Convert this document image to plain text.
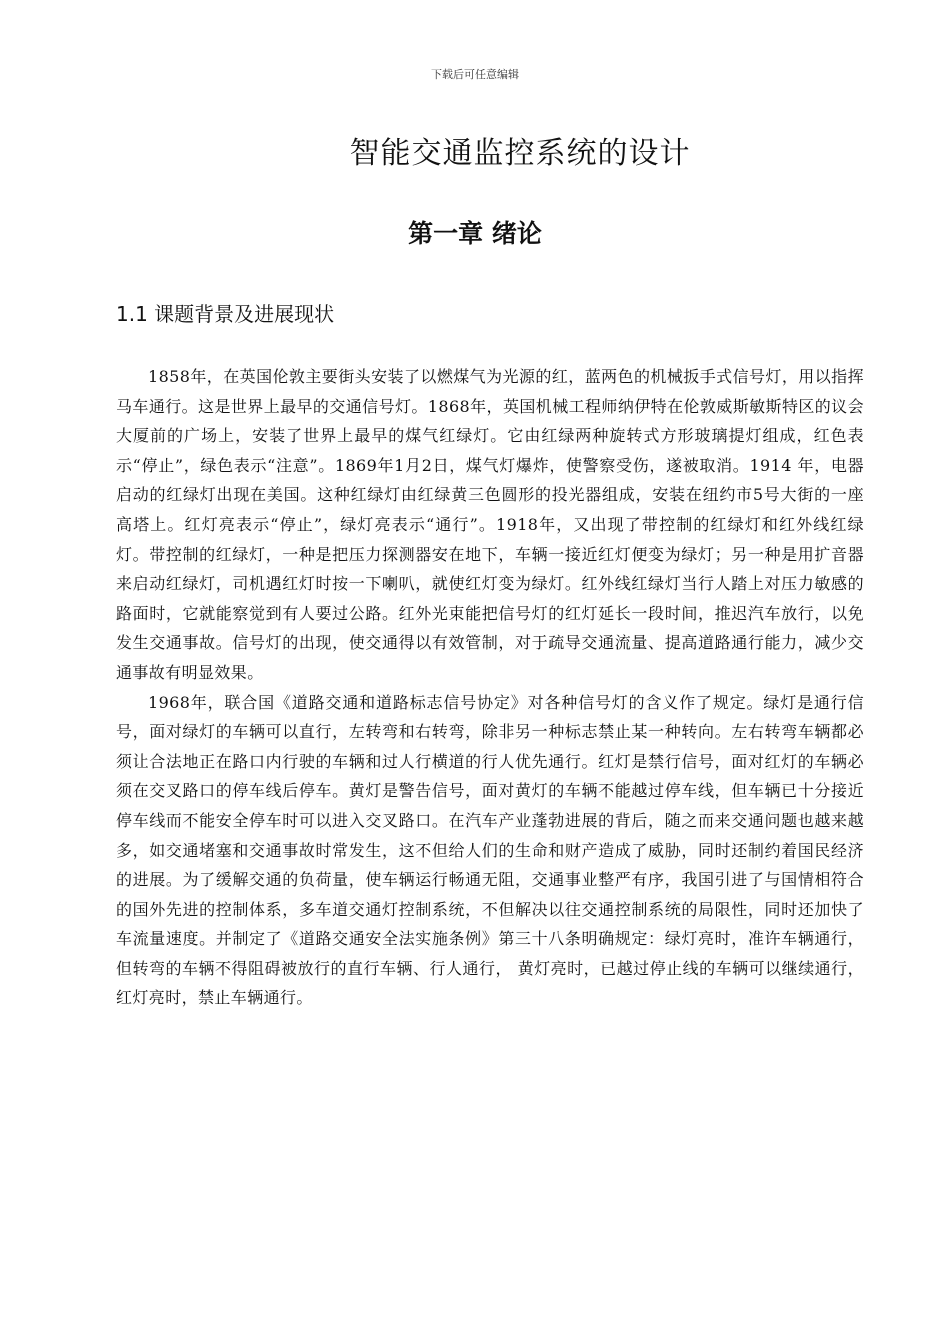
下载后可任意编辑
智能交通监控系统的设计
第一章 绪论
1.1 课题背景及进展现状

1858年，在英国伦敦主要街头安装了以燃煤气为光源的红，蓝两色的机械扳手式信号灯，用以指挥马车通行。这是世界上最早的交通信号灯。1868年，英国机械工程师纳伊特在伦敦威斯敏斯特区的议会大厦前的广场上，安装了世界上最早的煤气红绿灯。它由红绿两种旋转式方形玻璃提灯组成，红色表示“停止”，绿色表示“注意”。1869年1月2日，煤气灯爆炸，使警察受伤，遂被取消。1914 年，电器启动的红绿灯出现在美国。这种红绿灯由红绿黄三色圆形的投光器组成，安装在纽约市5号大街的一座高塔上。红灯亮表示“停止”，绿灯亮表示“通行”。1918年，又出现了带控制的红绿灯和红外线红绿灯。带控制的红绿灯，一种是把压力探测器安在地下，车辆一接近红灯便变为绿灯；另一种是用扩音器来启动红绿灯，司机遇红灯时按一下喇叭，就使红灯变为绿灯。红外线红绿灯当行人踏上对压力敏感的路面时，它就能察觉到有人要过公路。红外光束能把信号灯的红灯延长一段时间，推迟汽车放行，以免发生交通事故。信号灯的出现，使交通得以有效管制，对于疏导交通流量、提高道路通行能力，减少交通事故有明显效果。

1968年，联合国《道路交通和道路标志信号协定》对各种信号灯的含义作了规定。绿灯是通行信号，面对绿灯的车辆可以直行，左转弯和右转弯，除非另一种标志禁止某一种转向。左右转弯车辆都必须让合法地正在路口内行驶的车辆和过人行横道的行人优先通行。红灯是禁行信号，面对红灯的车辆必须在交叉路口的停车线后停车。黄灯是警告信号，面对黄灯的车辆不能越过停车线，但车辆已十分接近停车线而不能安全停车时可以进入交叉路口。在汽车产业蓬勃进展的背后，随之而来交通问题也越来越多，如交通堵塞和交通事故时常发生，这不但给人们的生命和财产造成了威胁，同时还制约着国民经济的进展。为了缓解交通的负荷量，使车辆运行畅通无阻，交通事业整严有序，我国引进了与国情相符合的国外先进的控制体系，多车道交通灯控制系统，不但解决以往交通控制系统的局限性，同时还加快了车流量速度。并制定了《道路交通安全法实施条例》第三十八条明确规定：绿灯亮时，准许车辆通行，但转弯的车辆不得阻碍被放行的直行车辆、行人通行， 黄灯亮时，已越过停止线的车辆可以继续通行，红灯亮时，禁止车辆通行。
